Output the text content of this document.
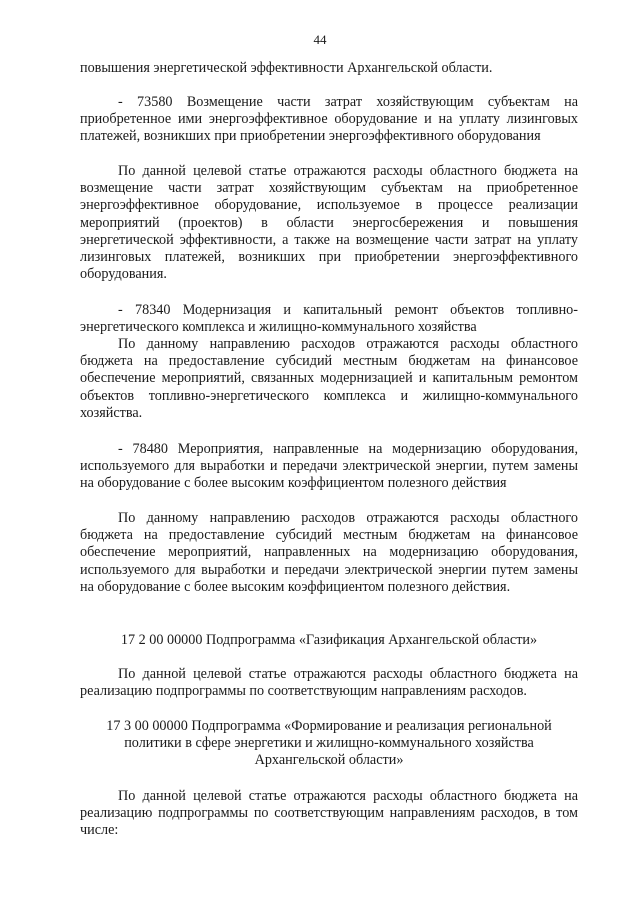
44

повышения энергетической эффективности Архангельской области.

- 73580 Возмещение части затрат хозяйствующим субъектам на приобретенное ими энергоэффективное оборудование и на уплату лизинговых платежей, возникших при приобретении энергоэффективного оборудования

По данной целевой статье отражаются расходы областного бюджета на возмещение части затрат хозяйствующим субъектам на приобретенное энергоэффективное оборудование, используемое в процессе реализации мероприятий (проектов) в области энергосбережения и повышения энергетической эффективности, а также на возмещение части затрат на уплату лизинговых платежей, возникших при приобретении энергоэффективного оборудования.

- 78340 Модернизация и капитальный ремонт объектов топливно-энергетического комплекса и жилищно-коммунального хозяйства

По данному направлению расходов отражаются расходы областного бюджета на предоставление субсидий местным бюджетам на финансовое обеспечение мероприятий, связанных модернизацией и капитальным ремонтом объектов топливно-энергетического комплекса и жилищно-коммунального хозяйства.

- 78480 Мероприятия, направленные на модернизацию оборудования, используемого для выработки и передачи электрической энергии, путем замены на оборудование с более высоким коэффициентом полезного действия

По данному направлению расходов отражаются расходы областного бюджета на предоставление субсидий местным бюджетам на финансовое обеспечение мероприятий, направленных на модернизацию оборудования, используемого для выработки и передачи электрической энергии путем замены на оборудование с более высоким коэффициентом полезного действия.

17 2 00 00000 Подпрограмма «Газификация Архангельской области»

По данной целевой статье отражаются расходы областного бюджета на реализацию подпрограммы по соответствующим направлениям расходов.

17 3 00 00000 Подпрограмма «Формирование и реализация региональной политики в сфере энергетики и жилищно-коммунального хозяйства Архангельской области»

По данной целевой статье отражаются расходы областного бюджета на реализацию подпрограммы по соответствующим направлениям расходов, в том числе:
